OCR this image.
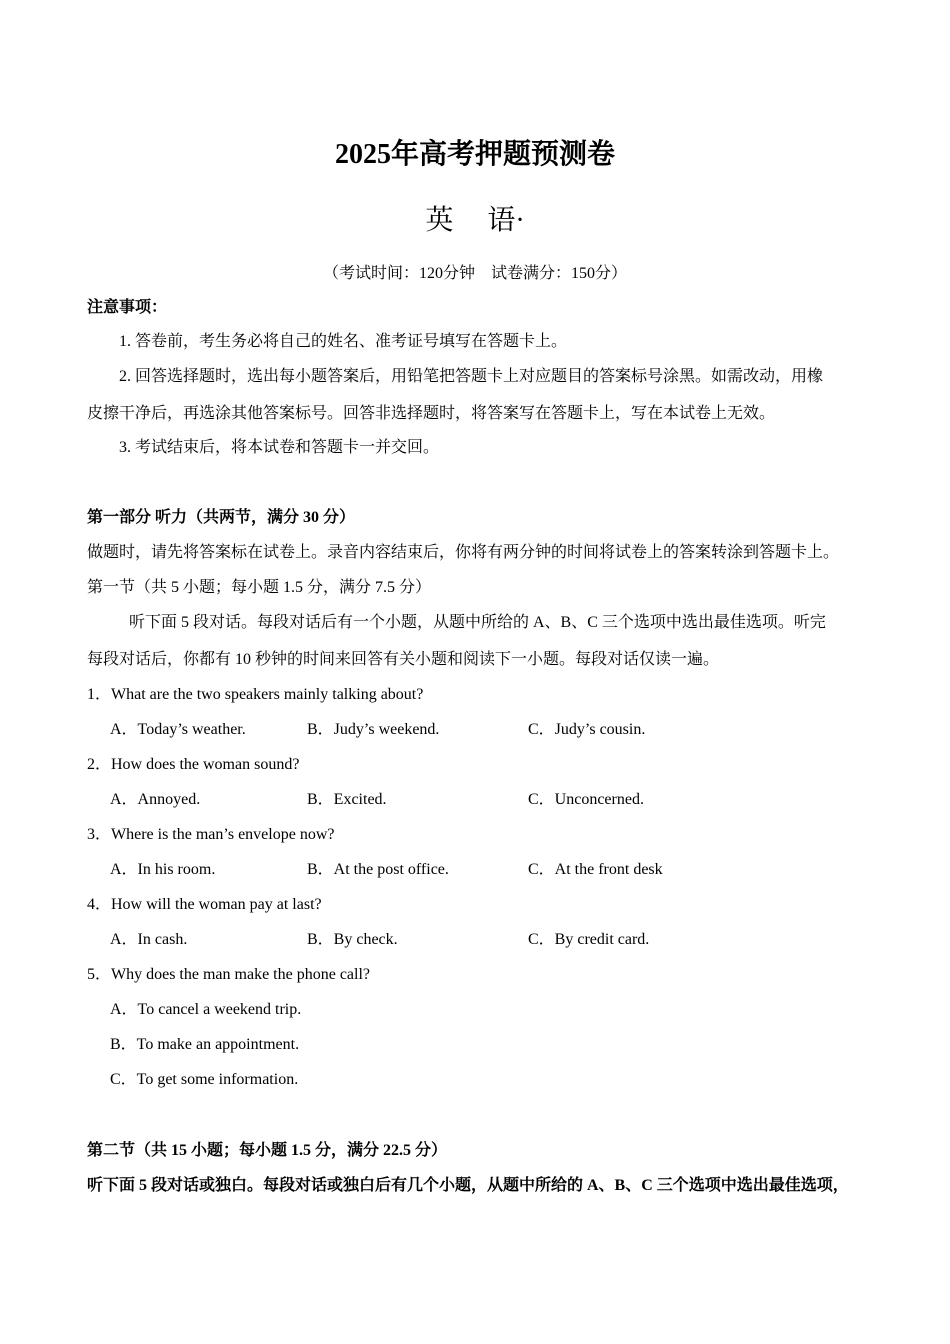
2025年高考押题预测卷
英 语·
（考试时间：120分钟　试卷满分：150分）
注意事项：
1. 答卷前，考生务必将自己的姓名、准考证号填写在答题卡上。
2. 回答选择题时，选出每小题答案后，用铅笔把答题卡上对应题目的答案标号涂黑。如需改动，用橡
皮擦干净后，再选涂其他答案标号。回答非选择题时，将答案写在答题卡上，写在本试卷上无效。
3. 考试结束后，将本试卷和答题卡一并交回。
第一部分 听力（共两节，满分 30 分）
做题时，请先将答案标在试卷上。录音内容结束后，你将有两分钟的时间将试卷上的答案转涂到答题卡上。
第一节（共 5 小题；每小题 1.5 分，满分 7.5 分）
听下面 5 段对话。每段对话后有一个小题，从题中所给的 A、B、C 三个选项中选出最佳选项。听完
每段对话后，你都有 10 秒钟的时间来回答有关小题和阅读下一小题。每段对话仅读一遍。
1．What are the two speakers mainly talking about?
A．Today’s weather.	B．Judy’s weekend.	C．Judy’s cousin.
2．How does the woman sound?
A．Annoyed.	B．Excited.	C．Unconcerned.
3．Where is the man’s envelope now?
A．In his room.	B．At the post office.	C．At the front desk
4．How will the woman pay at last?
A．In cash.	B．By check.	C．By credit card.
5．Why does the man make the phone call?
A．To cancel a weekend trip.
B．To make an appointment.
C．To get some information.
第二节（共 15 小题；每小题 1.5 分，满分 22.5 分）
听下面 5 段对话或独白。每段对话或独白后有几个小题，从题中所给的 A、B、C 三个选项中选出最佳选项，
